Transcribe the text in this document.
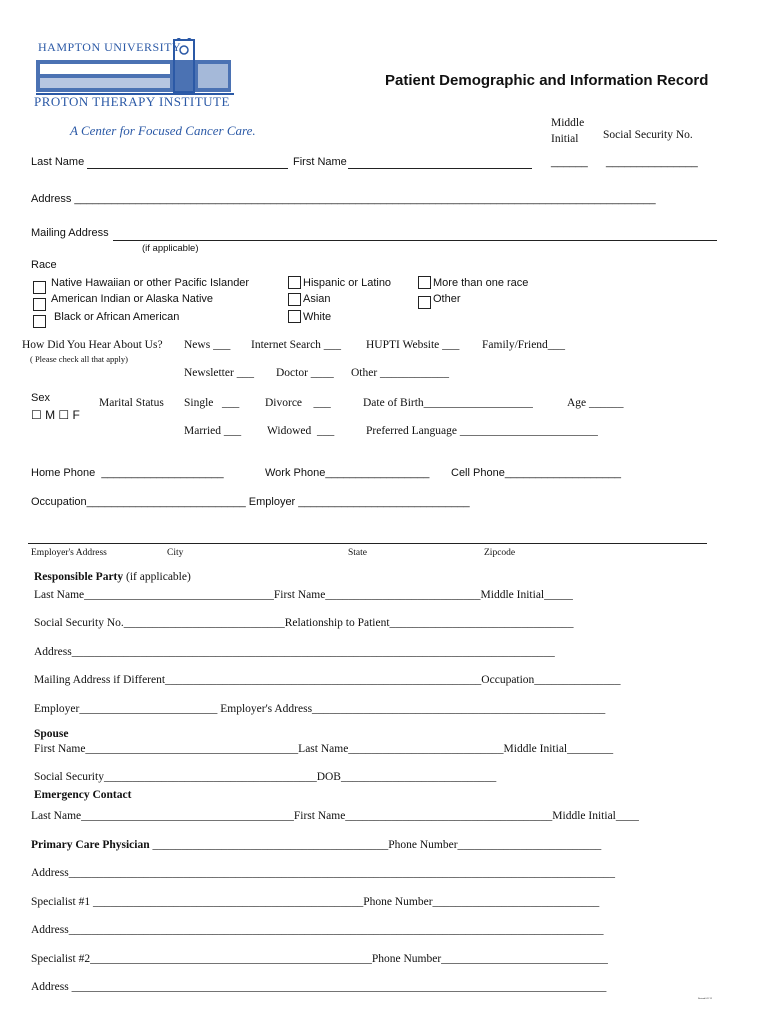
HAMPTON UNIVERSITY
PROTON THERAPY INSTITUTE
A Center for Focused Cancer Care.
Patient Demographic and Information Record
Middle
Initial Social Security No.
Last Name	First Name	______ _______________
Address _______________________________________________________________________________________________
Mailing Address
(if applicable)
Race
Native Hawaiian or other Pacific Islander
American Indian or Alaska Native
Black or African American
Hispanic or Latino
Asian
White
More than one race
Other
How Did You Hear About Us?
( Please check all that apply)
News ___ Internet Search ___ HUPTI Website ___ Family/Friend___
Newsletter ___ Doctor ____ Other ____________
Sex
☐ M ☐ F
Marital Status Single   ___ Divorce    ___	Date of Birth___________________	Age ______
Married ___ Widowed  ___	Preferred Language ________________________
Home Phone  ____________________	Work Phone_________________ Cell Phone___________________
Occupation__________________________ Employer ____________________________
Employer's Address	City	State	Zipcode
Responsible Party (if applicable)
Last Name_________________________________First Name___________________________Middle Initial_____
Social Security No.____________________________Relationship to Patient________________________________
Address____________________________________________________________________________________
Mailing Address if Different_______________________________________________________Occupation_______________
Employer________________________ Employer's Address___________________________________________________
Spouse
First Name_____________________________________Last Name___________________________Middle Initial________
Social Security_____________________________________DOB___________________________
Emergency Contact
Last Name_____________________________________First Name____________________________________Middle Initial____
Primary Care Physician _________________________________________Phone Number_________________________
Address_______________________________________________________________________________________________
Specialist #1 _______________________________________________Phone Number_____________________________
Address_____________________________________________________________________________________________
Specialist #2_________________________________________________Phone Number_____________________________
Address _____________________________________________________________________________________________
Revised 6.27.12
